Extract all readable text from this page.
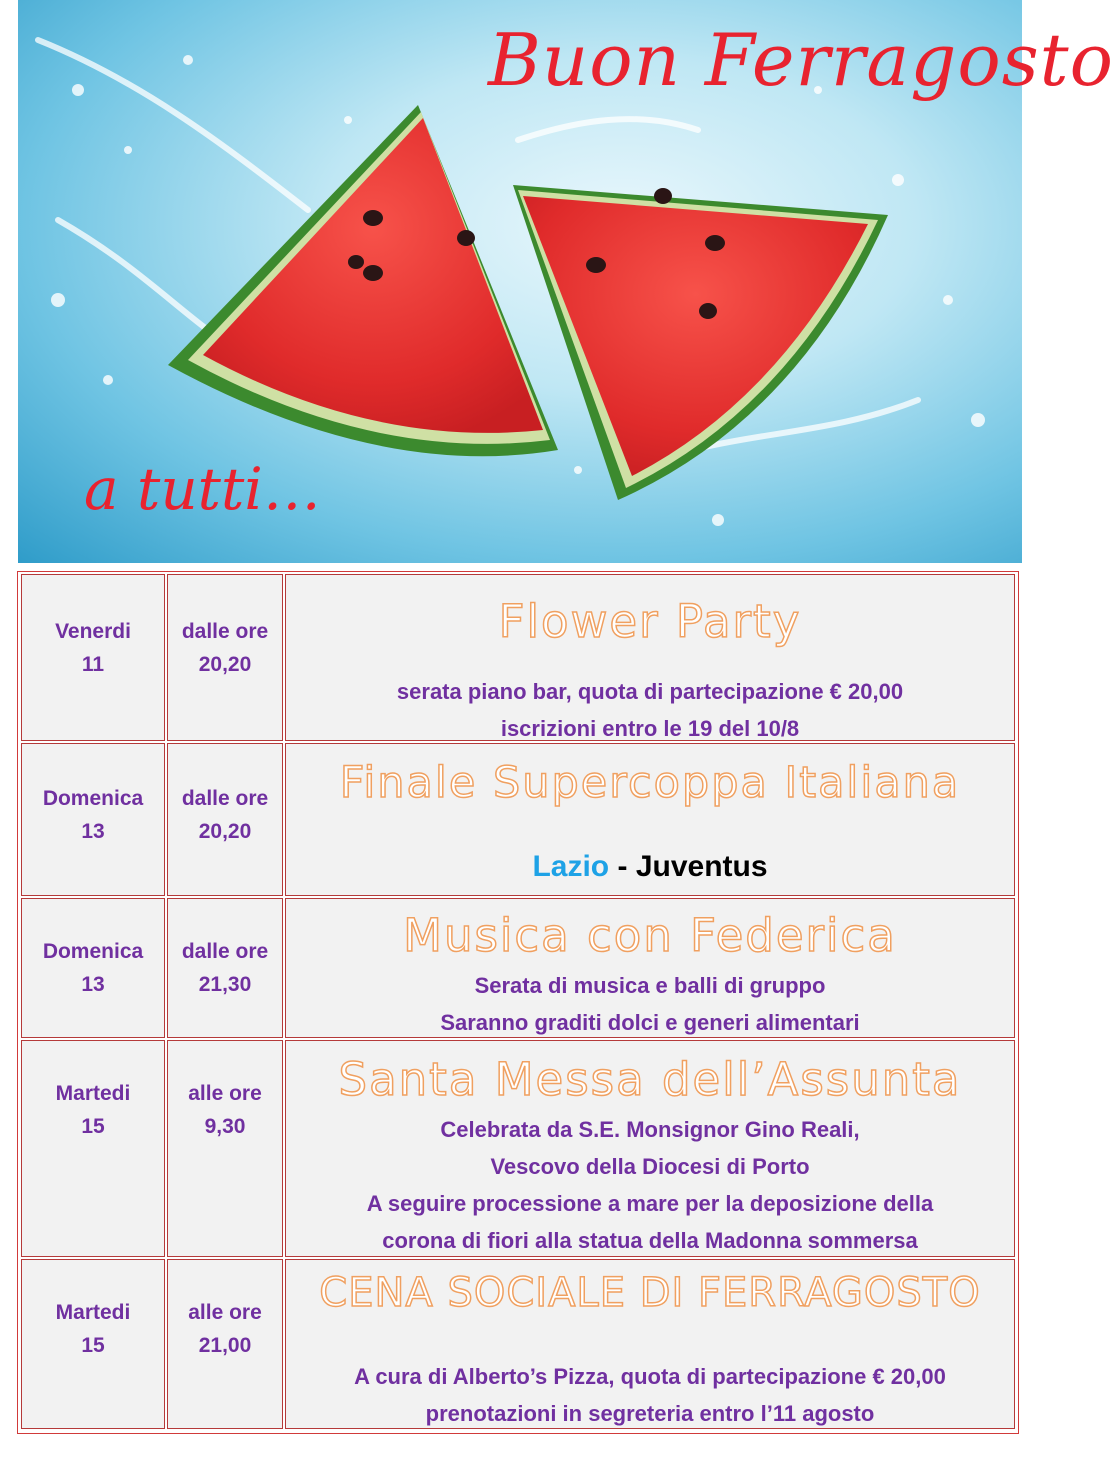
Buon Ferragosto
a tutti…
Venerdi
11
dalle ore
20,20
Flower Party
serata piano bar, quota di partecipazione € 20,00
iscrizioni entro le 19 del 10/8
Domenica
13
dalle ore
20,20
Finale Supercoppa Italiana
Lazio - Juventus
Domenica
13
dalle ore
21,30
Musica con Federica
Serata di musica e balli di gruppo
Saranno graditi dolci e generi alimentari
Martedi
15
alle ore
9,30
Santa Messa dell’Assunta
Celebrata da S.E. Monsignor Gino Reali,
Vescovo della Diocesi di Porto
A seguire processione a mare per la deposizione della
corona di fiori alla statua della Madonna sommersa
Martedi
15
alle ore
21,00
CENA SOCIALE DI FERRAGOSTO
A cura di Alberto’s Pizza, quota di partecipazione € 20,00
prenotazioni in segreteria entro l’11 agosto
